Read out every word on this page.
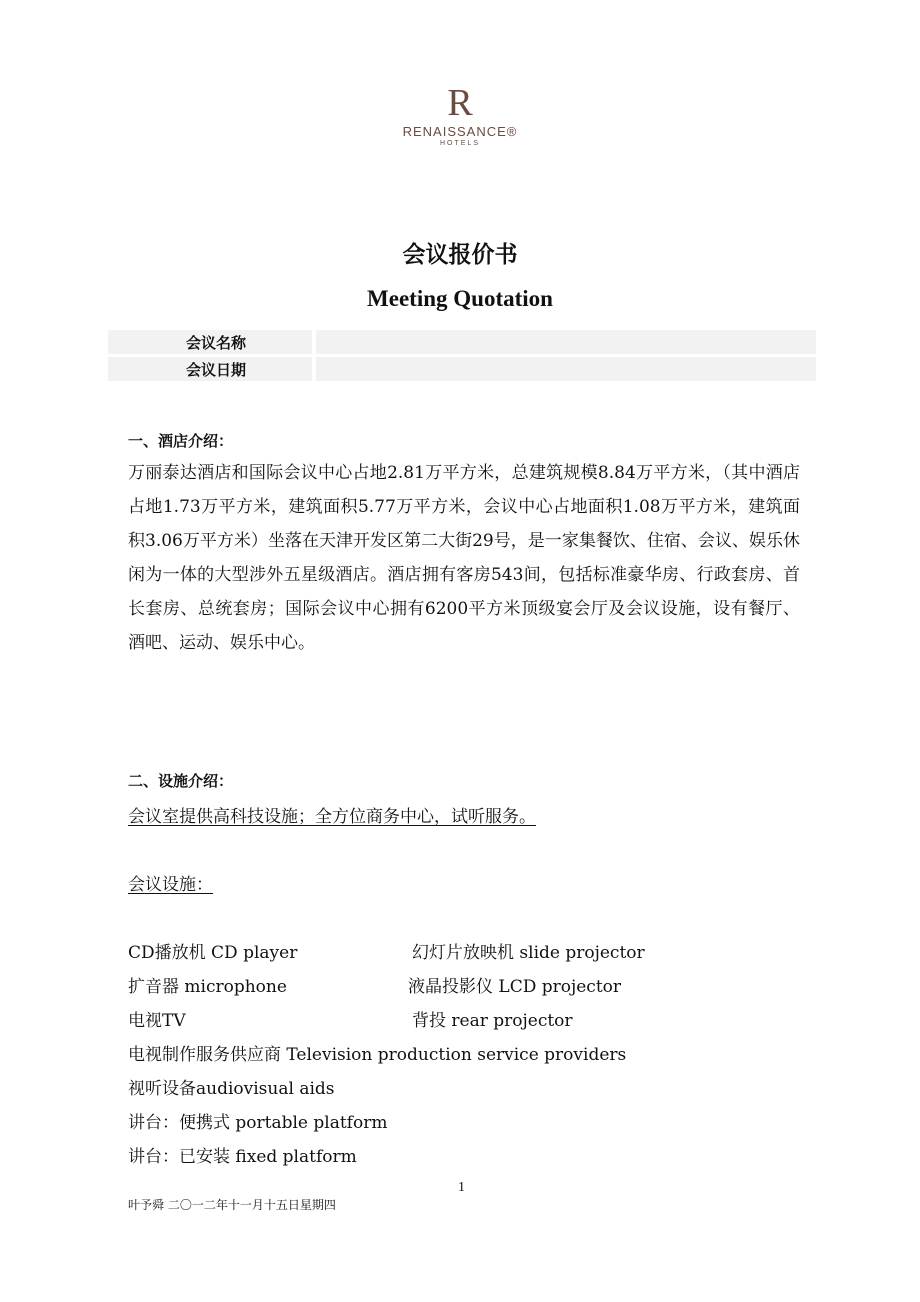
R
RENAISSANCE®
HOTELS
会议报价书
Meeting Quotation
会议名称	
会议日期	
一、酒店介绍：
万丽泰达酒店和国际会议中心占地2.81万平方米，总建筑规模8.84万平方米，（其中酒店占地1.73万平方米，建筑面积5.77万平方米，会议中心占地面积1.08万平方米，建筑面积3.06万平方米）坐落在天津开发区第二大街29号，是一家集餐饮、住宿、会议、娱乐休闲为一体的大型涉外五星级酒店。酒店拥有客房543间，包括标准豪华房、行政套房、首长套房、总统套房；国际会议中心拥有6200平方米顶级宴会厅及会议设施，设有餐厅、酒吧、运动、娱乐中心。
二、设施介绍：
会议室提供高科技设施；全方位商务中心，试听服务。
会议设施：
CD播放机 CD player	幻灯片放映机 slide projector
扩音器 microphone	液晶投影仪 LCD projector
电视TV	背投 rear projector
电视制作服务供应商 Television production service providers
视听设备audiovisual aids
讲台：便携式 portable platform
讲台：已安装 fixed platform
1
叶予舜 二〇一二年十一月十五日星期四
